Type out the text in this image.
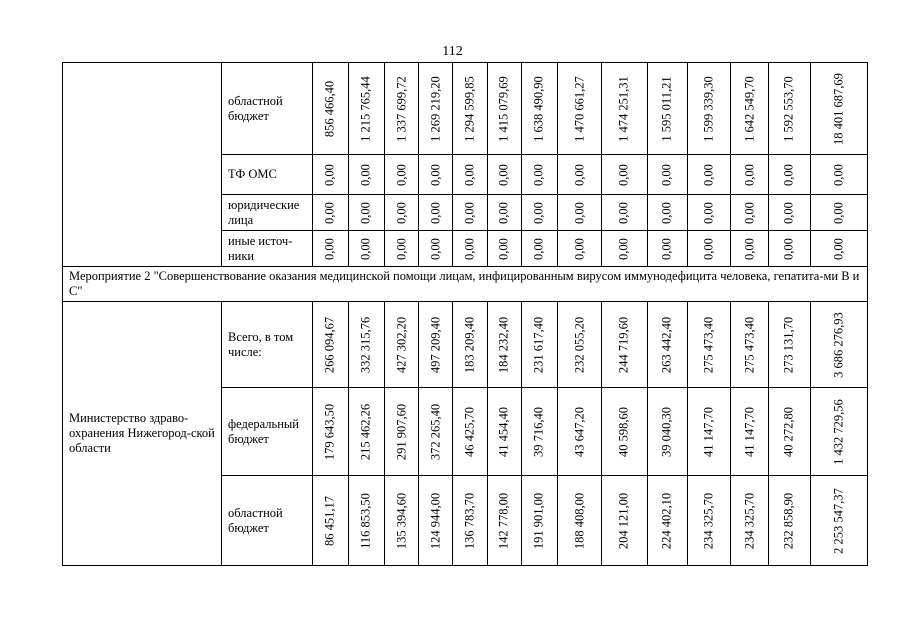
112
	областной бюджет	856 466,40	1 215 765,44	1 337 699,72	1 269 219,20	1 294 599,85	1 415 079,69	1 638 490,90	1 470 661,27	1 474 251,31	1 595 011,21	1 599 339,30	1 642 549,70	1 592 553,70	18 401 687,69

	ТФ ОМС	0,00	0,00	0,00	0,00	0,00	0,00	0,00	0,00	0,00	0,00	0,00	0,00	0,00	0,00

	юридические лица	0,00	0,00	0,00	0,00	0,00	0,00	0,00	0,00	0,00	0,00	0,00	0,00	0,00	0,00

	иные источ-ники	0,00	0,00	0,00	0,00	0,00	0,00	0,00	0,00	0,00	0,00	0,00	0,00	0,00	0,00

Мероприятие 2 "Совершенствование оказания медицинской помощи лицам, инфицированным вирусом иммунодефицита человека, гепатита-ми В и С"															
Министерство здраво-охранения Нижегород-ской области	Всего, в том числе:	266 094,67	332 315,76	427 302,20	497 209,40	183 209,40	184 232,40	231 617,40	232 055,20	244 719,60	263 442,40	275 473,40	275 473,40	273 131,70	3 686 276,93

	федеральный бюджет	179 643,50	215 462,26	291 907,60	372 265,40	46 425,70	41 454,40	39 716,40	43 647,20	40 598,60	39 040,30	41 147,70	41 147,70	40 272,80	1 432 729,56

	областной бюджет	86 451,17	116 853,50	135 394,60	124 944,00	136 783,70	142 778,00	191 901,00	188 408,00	204 121,00	224 402,10	234 325,70	234 325,70	232 858,90	2 253 547,37
